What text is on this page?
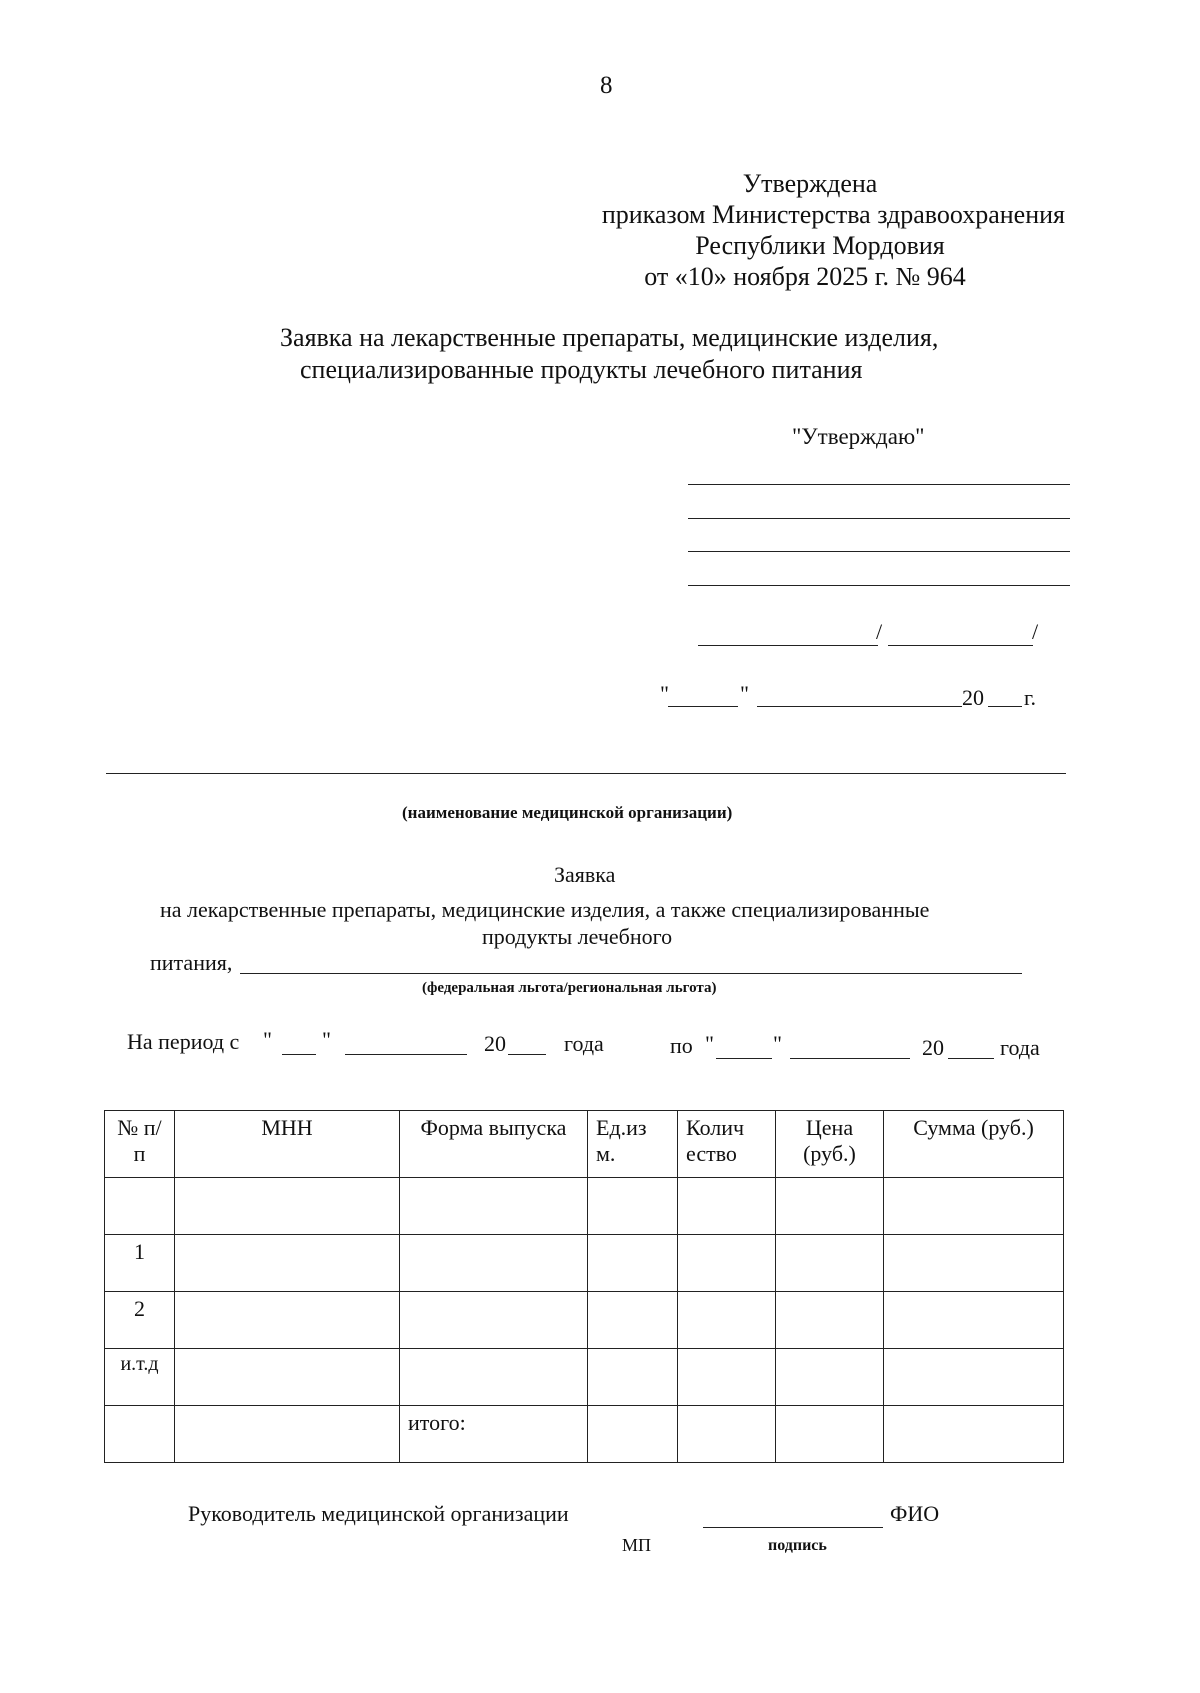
8
Утверждена
приказом Министерства здравоохранения
Республики Мордовия
от «10» ноября 2025 г. № 964
Заявка на лекарственные препараты, медицинские изделия,
специализированные продукты лечебного питания
"Утверждаю"
/	/
"	"	20 г.
(наименование медицинской организации)
Заявка
на лекарственные препараты, медицинские изделия, а также специализированные
продукты лечебного
питания,
(федеральная льгота/региональная льгота)
На период с " "	20	года	по "	"	20	года
№ п/п	МНН	Форма выпуска	Ед.из м.	Колич ество	Цена (руб.)	Сумма (руб.)

1						
2						
и.т.д						
		итого:				
Руководитель медицинской организации	ФИО
МП	подпись
